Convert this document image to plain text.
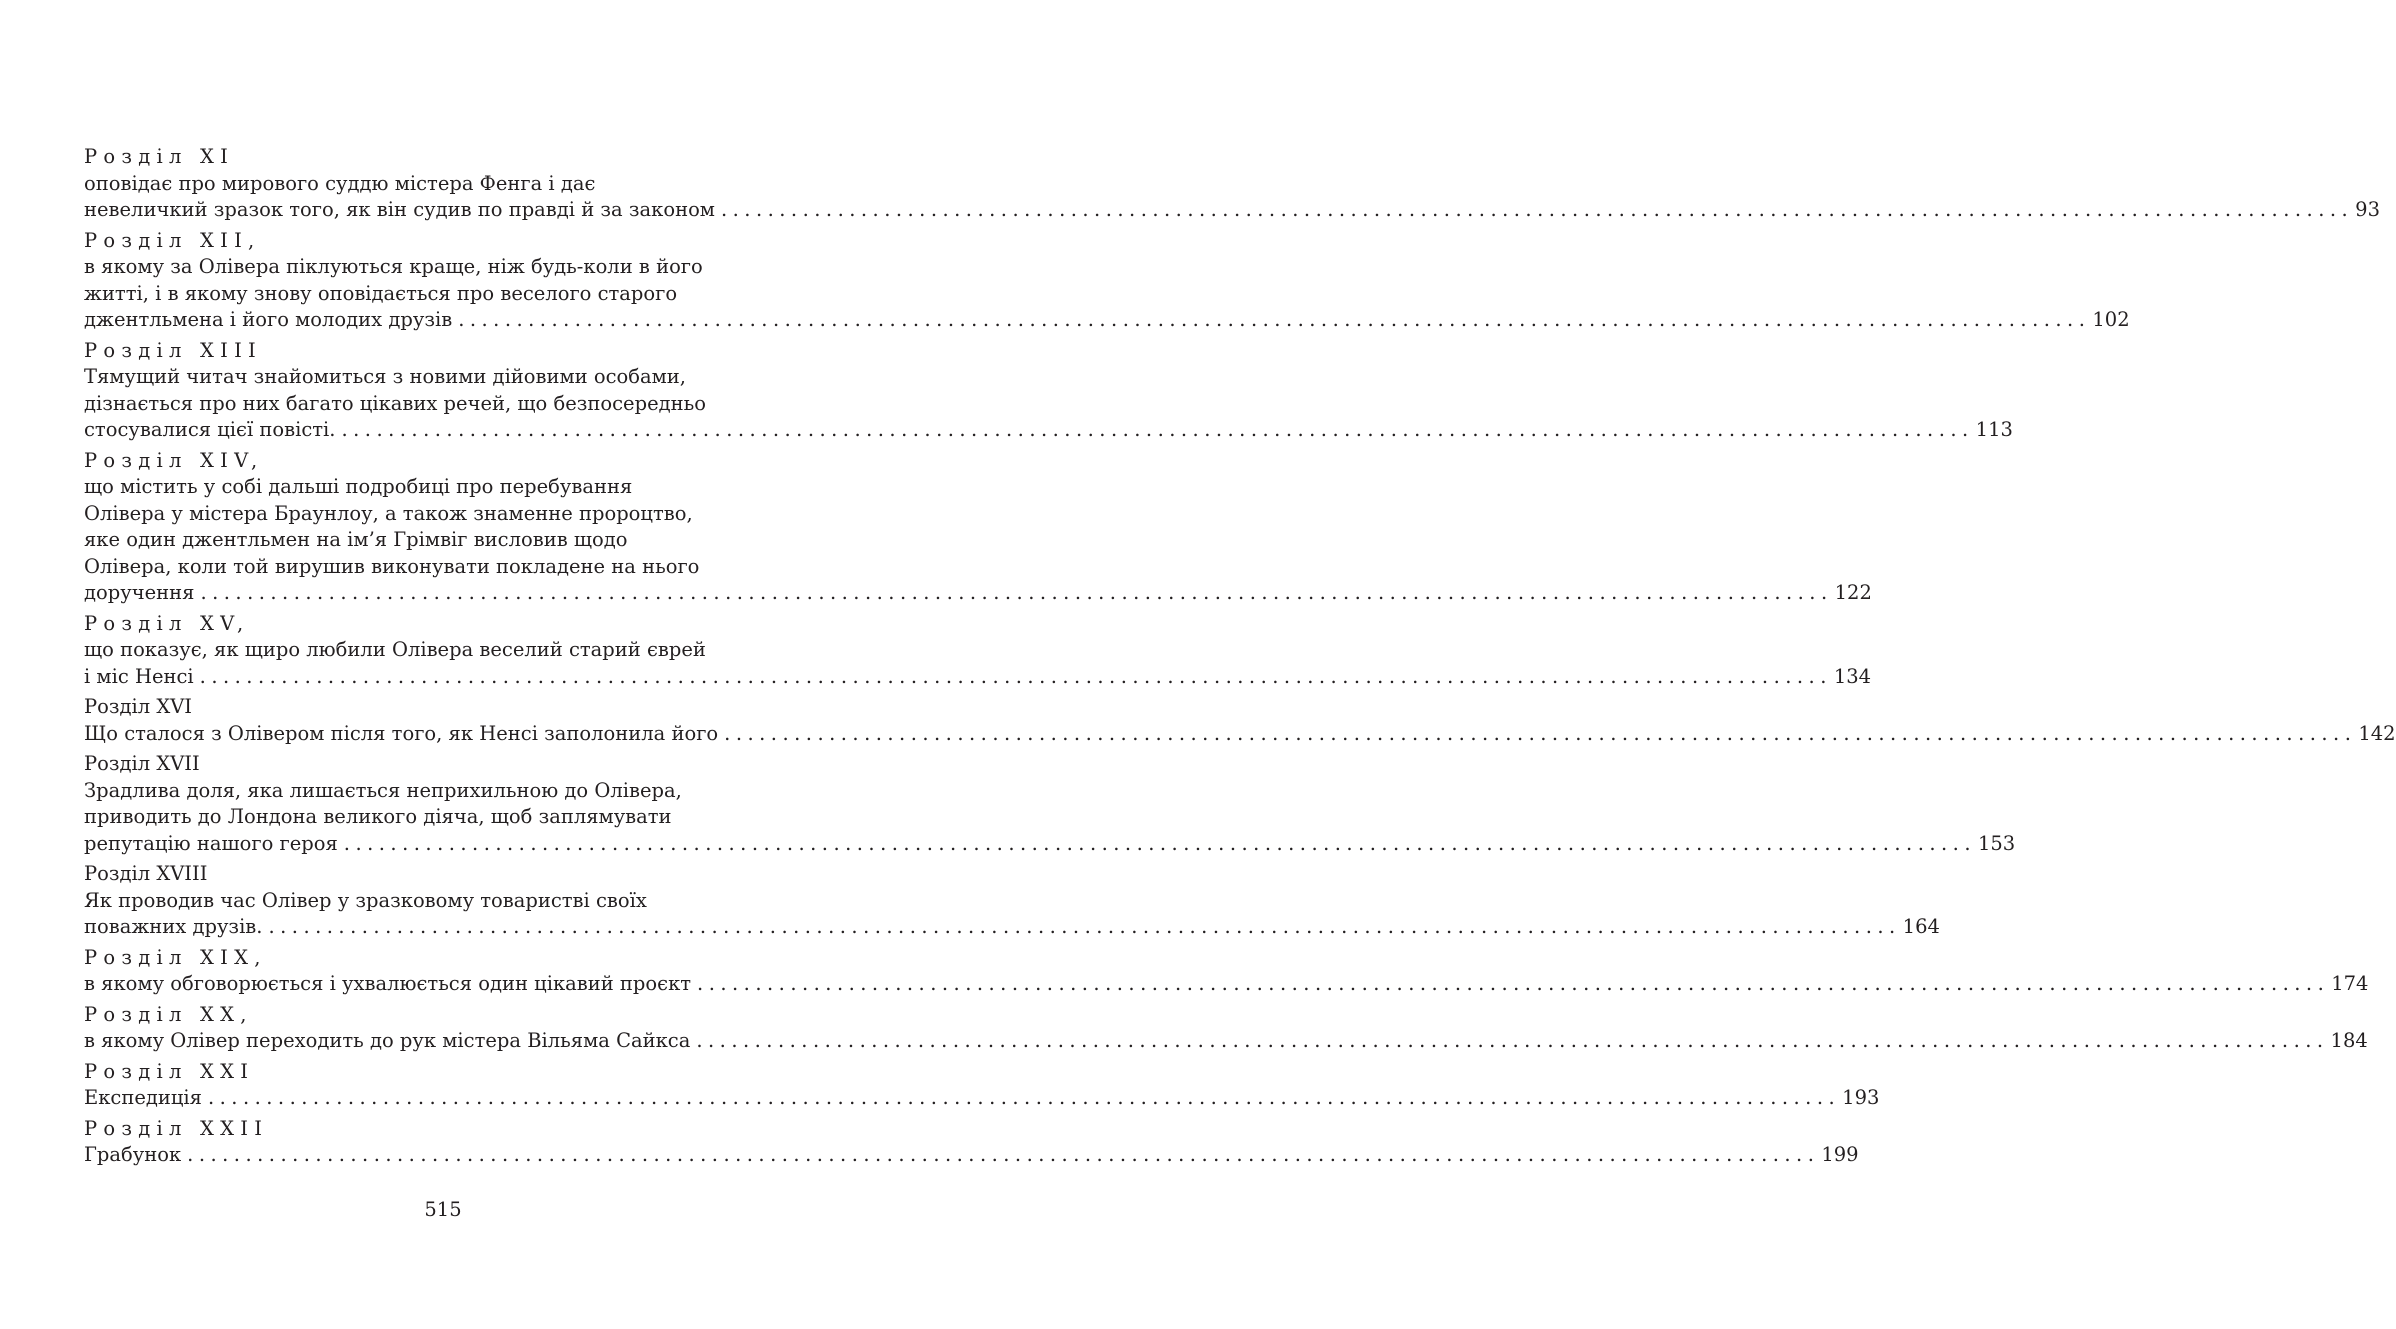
Розділ XI
оповідає про мирового суддю містера Фенга і дає
невеличкий зразок того, як він судив по правді й за законом ............................................................................................................................................ 93
Розділ XII,
в якому за Олівера піклуються краще, ніж будь-коли в його
житті, і в якому знову оповідається про веселого старого
джентльмена і його молодих друзів ............................................................................................................................................ 102
Розділ XIII
Тямущий читач знайомиться з новими дійовими особами,
дізнається про них багато цікавих речей, що безпосередньо
стосувалися цієї повісті. ............................................................................................................................................ 113
Розділ XIV,
що містить у собі дальші подробиці про перебування
Олівера у містера Браунлоу, а також знаменне пророцтво,
яке один джентльмен на ім’я Грімвіг висловив щодо
Олівера, коли той вирушив виконувати покладене на нього
доручення ............................................................................................................................................ 122
Розділ XV,
що показує, як щиро любили Олівера веселий старий єврей
і міс Ненсі ............................................................................................................................................ 134
Розділ XVI
Що сталося з Олівером після того, як Ненсі заполонила його ............................................................................................................................................ 142
Розділ XVII
Зрадлива доля, яка лишається неприхильною до Олівера,
приводить до Лондона великого діяча, щоб заплямувати
репутацію нашого героя ............................................................................................................................................ 153
Розділ XVIII
Як проводив час Олівер у зразковому товаристві своїх
поважних друзів. ............................................................................................................................................ 164
Розділ XIX,
в якому обговорюється і ухвалюється один цікавий проєкт ............................................................................................................................................ 174
Розділ XX,
в якому Олівер переходить до рук містера Вільяма Сайкса ............................................................................................................................................ 184
Розділ XXI
Експедиція ............................................................................................................................................ 193
Розділ XXII
Грабунок ............................................................................................................................................ 199
515
